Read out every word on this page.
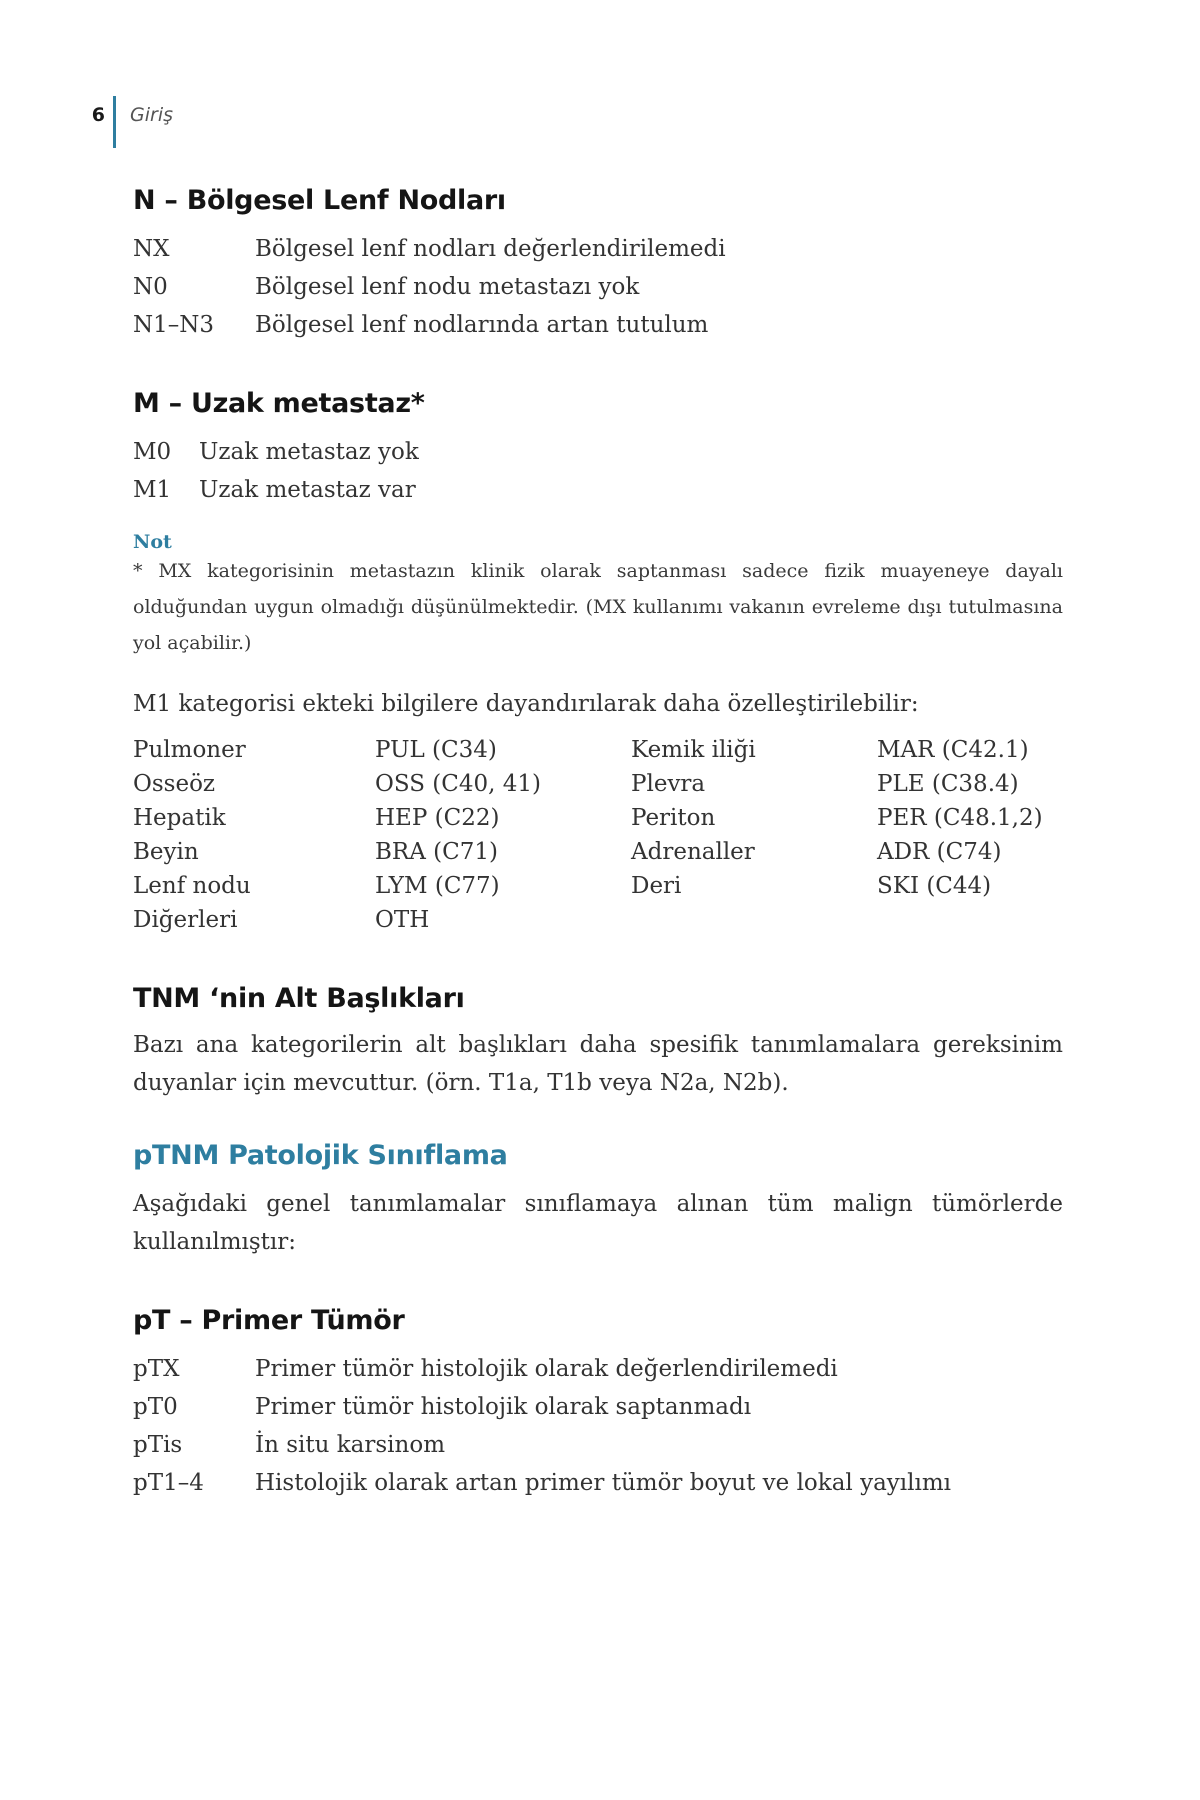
6 Giriş
N – Bölgesel Lenf Nodları
NX	Bölgesel lenf nodları değerlendirilemedi
N0	Bölgesel lenf nodu metastazı yok
N1–N3	Bölgesel lenf nodlarında artan tutulum
M – Uzak metastaz*
M0	Uzak metastaz yok
M1	Uzak metastaz var
Not
* MX kategorisinin metastazın klinik olarak saptanması sadece fizik muayeneye dayalı olduğundan uygun olmadığı düşünülmektedir. (MX kullanımı vakanın evreleme dışı tutulmasına yol açabilir.)

M1 kategorisi ekteki bilgilere dayandırılarak daha özelleştirilebilir:

Pulmoner	PUL (C34)	Kemik iliği	MAR (C42.1)
Osseöz	OSS (C40, 41)	Plevra	PLE (C38.4)
Hepatik	HEP (C22)	Periton	PER (C48.1,2)
Beyin	BRA (C71)	Adrenaller	ADR (C74)
Lenf nodu	LYM (C77)	Deri	SKI (C44)
Diğerleri	OTH
TNM ‘nin Alt Başlıkları

Bazı ana kategorilerin alt başlıkları daha spesifik tanımlamalara gereksinim duyanlar için mevcuttur. (örn. T1a, T1b veya N2a, N2b).

pTNM Patolojik Sınıflama

Aşağıdaki genel tanımlamalar sınıflamaya alınan tüm malign tümörlerde kullanılmıştır:

pT – Primer Tümör
pTX	Primer tümör histolojik olarak değerlendirilemedi
pT0	Primer tümör histolojik olarak saptanmadı
pTis	İn situ karsinom
pT1–4	Histolojik olarak artan primer tümör boyut ve lokal yayılımı
